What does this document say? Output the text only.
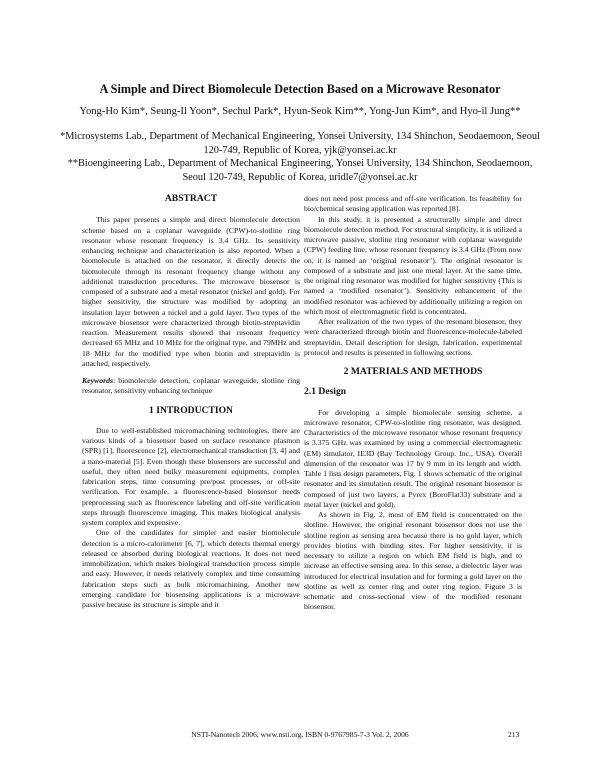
A Simple and Direct Biomolecule Detection Based on a Microwave Resonator
Yong-Ho Kim*, Seung-Il Yoon*, Sechul Park*, Hyun-Seok Kim**, Yong-Jun Kim*, and Hyo-il Jung**

*Microsystems Lab., Department of Mechanical Engineering, Yonsei University, 134 Shinchon, Seodaemoon, Seoul 120-749, Republic of Korea, yjk@yonsei.ac.kr

**Bioengineering Lab., Department of Mechanical Engineering, Yonsei University, 134 Shinchon, Seodaemoon, Seoul 120-749, Republic of Korea, uridle7@yonsei.ac.kr

ABSTRACT

This paper presents a simple and direct biomolecule detection scheme based on a coplanar waveguide (CPW)-to-slotline ring resonator whose resonant frequency is 3.4 GHz. Its sensitivity enhancing technique and characterization is also reported. When a biomolecule is attached on the resonator, it directly detects the biomolecule through its resonant frequency change without any additional transduction procedures. The microwave biosensor is composed of a substrate and a metal resonator (nickel and gold). For higher sensitivity, the structure was modified by adopting an insulation layer between a nickel and a gold layer. Two types of the microwave biosensor were characterized through biotin-streptavidin reaction. Measurement results showed that resonant frequency decreased 65 MHz and 10 MHz for the original type, and 79MHz and 18 MHz for the modified type when biotin and streptavidin is attached, respectively.

Keywords: biomolecule detection, coplanar waveguide, slotline ring resonator, sensitivity enhancing technique

1 INTRODUCTION

Due to well-established micromachining technologies, there are various kinds of a biosensor based on surface resonance plasmon (SPR) [1], fluorescence [2], electromechanical transduction [3, 4] and a nano-material [5]. Even though these biosensors are successful and useful, they often need bulky measurement equipments, complex fabrication steps, time consuming pre/post processes, or off-site verification. For example, a fluorescence-based biosensor needs preprocessing such as fluorescence labeling and off-site verification steps through fluorescence imaging. This makes biological analysis system complex and expensive.

One of the candidates for simpler and easier biomolecule detection is a micro-calorimeter [6, 7], which detects thermal energy released or absorbed during biological reactions. It does not need immobilization, which makes biological transduction process simple and easy. However, it needs relatively complex and time consuming fabrication steps such as bulk micromachining. Another new emerging candidate for biosensing applications is a microwave passive because its structure is simple and it

does not need post process and off-site verification. Its feasibility for bio/chemical sensing application was reported [8].

In this study, it is presented a structurally simple and direct biomolecule detection method. For structural simplicity, it is utilized a microwave passive, slotline ring resonator with coplanar waveguide (CPW) feeding line, whose resonant frequency is 3.4 GHz (From now on, it is named an ‘original resonator’). The original resonator is composed of a substrate and just one metal layer. At the same time, the original ring resonator was modified for higher sensitivity (This is named a ‘modified resonator’). Sensitivity enhancement of the modified resonator was achieved by additionally utilizing a region on which most of electromagnetic field is concentrated.

After realization of the two types of the resonant biosensor, they were characterized through biotin and fluorescence-molecule-labeled streptavidin. Detail description for design, fabrication, experimental protocol and results is presented in following sections.

2 MATERIALS AND METHODS
2.1 Design

For developing a simple biomolecule sensing scheme, a microwave resonator, CPW-to-slotline ring resonator, was designed. Characteristics of the microwave resonator whose resonant frequency is 3.375 GHz was examined by using a commercial electromagnetic (EM) simulator, IE3D (Bay Technology Group. Inc., USA). Overall dimension of the resonator was 17 by 9 mm in its length and width. Table 1 lists design parameters, Fig. 1 shows schematic of the original resonator and its simulation result. The original resonant biosensor is composed of just two layers, a Pyrex (BoroFlat33) substrate and a metal layer (nickel and gold).

As shown in Fig. 2, most of EM field is concentrated on the slotline. However, the original resonant biosensor does not use the slotline region as sensing area because there is no gold layer, which provides biotins with binding sites. For higher sensitivity, it is necessary to utilize a region on which EM field is high, and to increase an effective sensing area. In this sense, a dielectric layer was introduced for electrical insulation and for forming a gold layer on the slotline as well as center ring and outer ring region. Figure 3 is schematic and cross-sectional view of the modified resonant biosensor.

NSTI-Nanotech 2006, www.nsti.org, ISBN 0-9767985-7-3 Vol. 2, 2006	213
